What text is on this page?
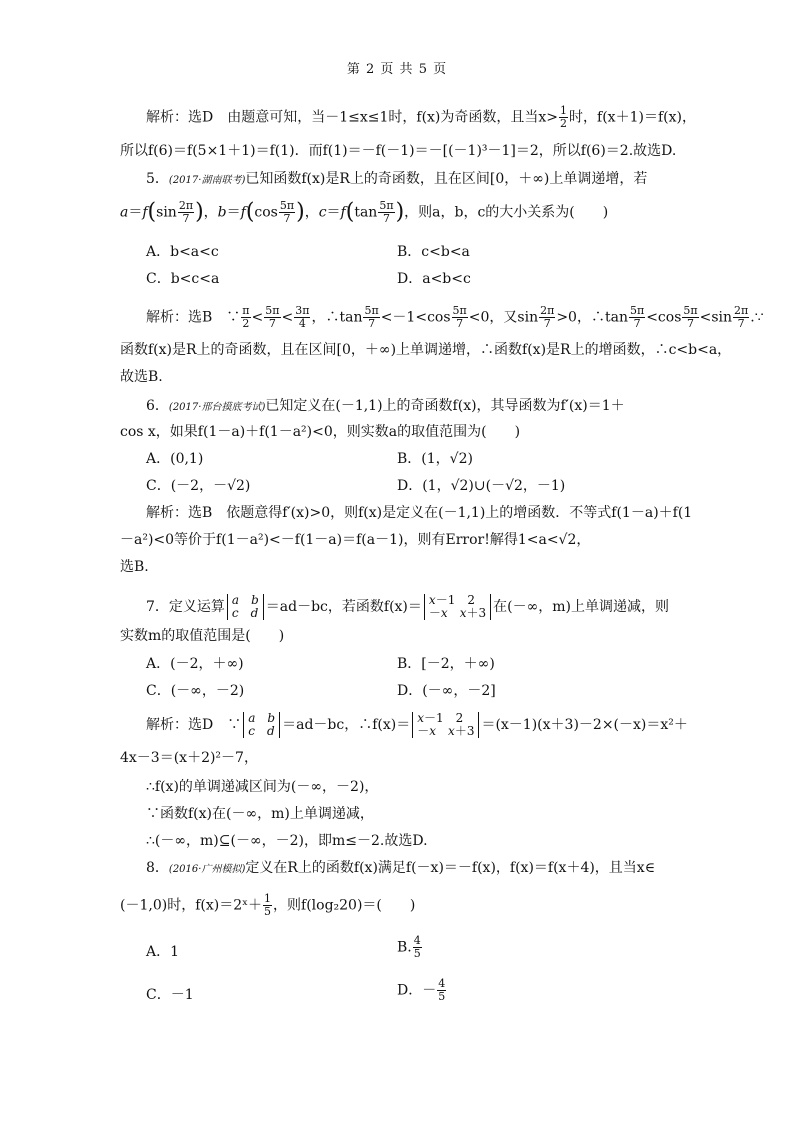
第 2 页 共 5 页
解析：选D　由题意可知，当－1≤x≤1时，f(x)为奇函数，且当$x> \frac{1}{2}$ 时，f(x＋1)＝f(x)，
所以f(6)＝f(5×1＋1)＝f(1)．而f(1)＝－f(－1)＝－[(－1)³－1]＝2，所以f(6)＝2.故选D.
5．(2017·湖南联考)已知函数f(x)是R上的奇函数，且在区间[0，＋∞)上单调递增，若
$a=f(\sin \frac{2\pi}{7}$ )，$b=f(\cos \frac{5\pi}{7}$ )，$c=f(\tan \frac{5\pi}{7}$ )，则a，b，c的大小关系为(　　)
A．b<a<c	B．c<b<a
C．b<c<a	D．a<b<c
解析：选B　∵ $\frac{\pi}{2} < \frac{5\pi}{7} < \frac{3\pi}{4}$ ，∴tan $\frac{5\pi}{7} <-1<\cos \frac{5\pi}{7} <0$，又$\sin \frac{2\pi}{7} >0$，∴tan $\frac{5\pi}{7} <\cos \frac{5\pi}{7} <\sin \frac{2\pi}{7}$ .∵
函数f(x)是R上的奇函数，且在区间[0，＋∞)上单调递增，∴函数f(x)是R上的增函数，∴c<b<a，
故选B.
6．(2017·邢台摸底考试)已知定义在(－1,1)上的奇函数f(x)，其导函数为f′(x)＝1＋
cos x，如果f(1－a)＋f(1－a²)<0，则实数a的取值范围为(　　)
A．(0,1)	B．(1，√2)
C．(－2，－√2)	D．(1，√2)∪(－√2，－1)
解析：选B　依题意得f′(x)>0，则f(x)是定义在(－1,1)上的增函数．不等式f(1－a)＋f(1
－a²)<0等价于f(1－a²)<－f(1－a)＝f(a－1)，则有Error!解得1<a<√2，
选B.
7．定义运算 a　 b
c　 d ＝ad－bc，若函数f(x)＝ x－1　2
－x　 x＋3 在(－∞，m)上单调递减，则
实数m的取值范围是(　　)
A．(－2，＋∞)	B．[－2，＋∞)
C．(－∞，－2)	D．(－∞，－2]
解析：选D　∵ a　 b
c　 d ＝ad－bc，∴f(x)＝ x－1　2
－x　 x＋3 ＝(x－1)(x＋3)－2×(－x)＝x²＋
4x－3＝(x＋2)²－7，
∴f(x)的单调递减区间为(－∞，－2)，
∵函数f(x)在(－∞，m)上单调递减，
∴(－∞，m)⊆(－∞，－2)，即m≤－2.故选D.
8．(2016·广州模拟)定义在R上的函数f(x)满足f(－x)＝－f(x)，f(x)＝f(x＋4)，且当x∈
(－1,0)时，f(x)＝2ˣ＋ $\frac{1}{5}$ ，则f(log₂20)＝(　　)
A．1	B. $\frac{4}{5}$
C．－1	D．－ $\frac{4}{5}$
